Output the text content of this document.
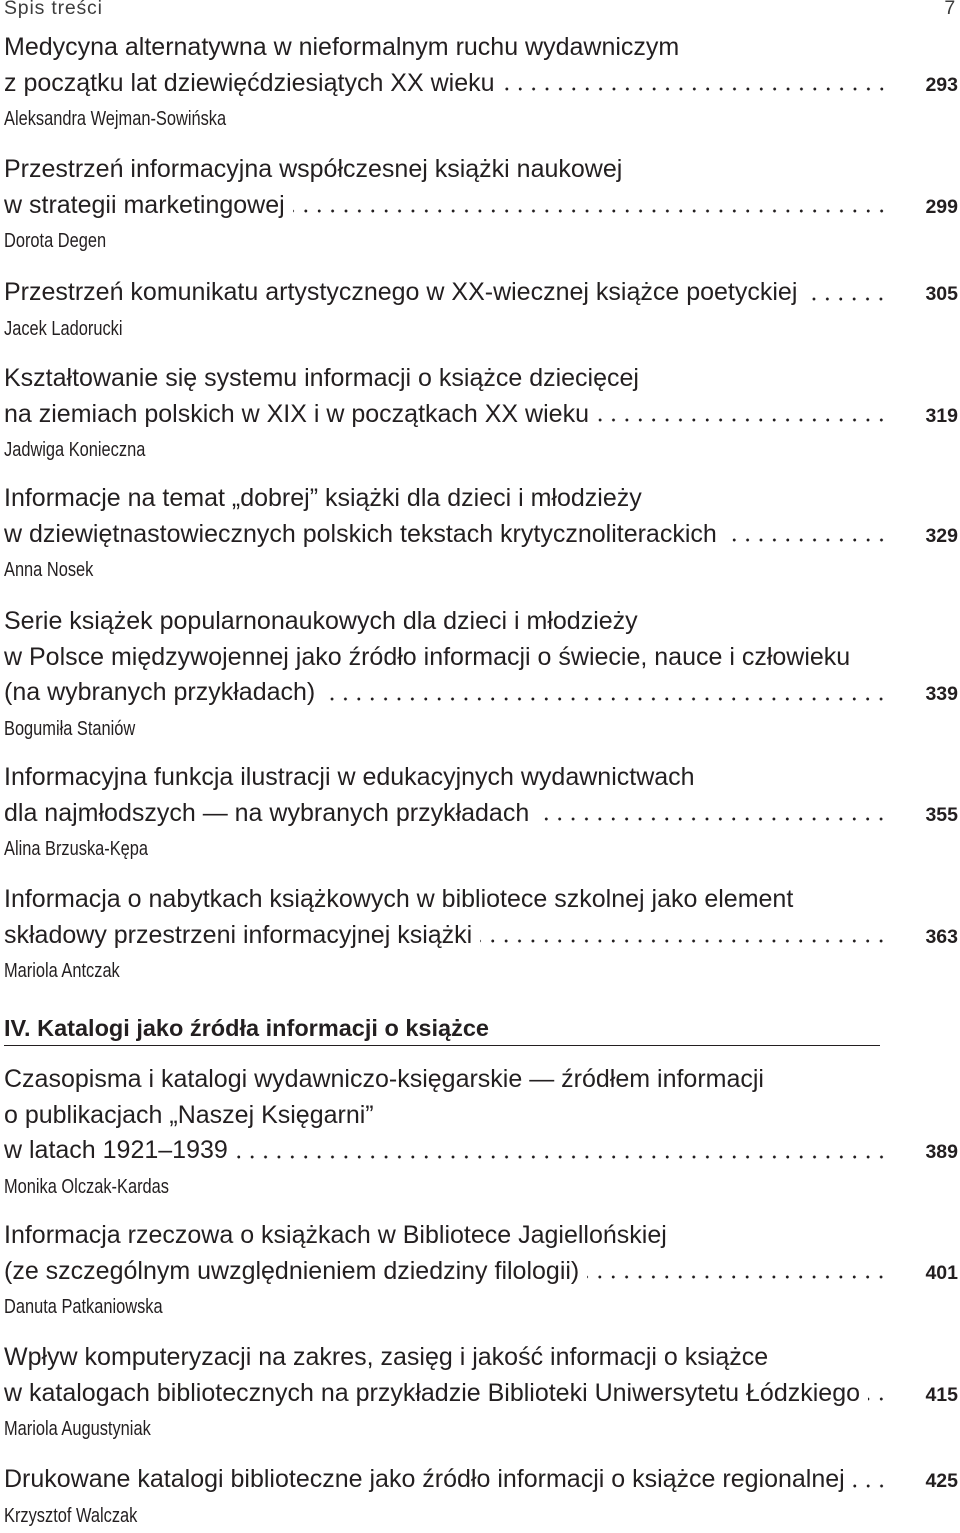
Spis treści	7
Medycyna alternatywna w nieformalnym ruchu wydawniczym
z początku lat dziewięćdziesiątych XX wieku	293
Aleksandra Wejman-Sowińska
Przestrzeń informacyjna współczesnej książki naukowej
w strategii marketingowej	299
Dorota Degen
Przestrzeń komunikatu artystycznego w XX-wiecznej książce poetyckiej	305
Jacek Ladorucki
Kształtowanie się systemu informacji o książce dziecięcej
na ziemiach polskich w XIX i w początkach XX wieku	319
Jadwiga Konieczna
Informacje na temat „dobrej” książki dla dzieci i młodzieży
w dziewiętnastowiecznych polskich tekstach krytycznoliterackich	329
Anna Nosek
Serie książek popularnonaukowych dla dzieci i młodzieży
w Polsce międzywojennej jako źródło informacji o świecie, nauce i człowieku
(na wybranych przykładach)	339
Bogumiła Staniów
Informacyjna funkcja ilustracji w edukacyjnych wydawnictwach
dla najmłodszych — na wybranych przykładach	355
Alina Brzuska-Kępa
Informacja o nabytkach książkowych w bibliotece szkolnej jako element
składowy przestrzeni informacyjnej książki	363
Mariola Antczak
IV. Katalogi jako źródła informacji o książce
Czasopisma i katalogi wydawniczo-księgarskie — źródłem informacji
o publikacjach „Naszej Księgarni”
w latach 1921–1939	389
Monika Olczak-Kardas
Informacja rzeczowa o książkach w Bibliotece Jagiellońskiej
(ze szczególnym uwzględnieniem dziedziny filologii)	401
Danuta Patkaniowska
Wpływ komputeryzacji na zakres, zasięg i jakość informacji o książce
w katalogach bibliotecznych na przykładzie Biblioteki Uniwersytetu Łódzkiego	415
Mariola Augustyniak
Drukowane katalogi biblioteczne jako źródło informacji o książce regionalnej	425
Krzysztof Walczak
